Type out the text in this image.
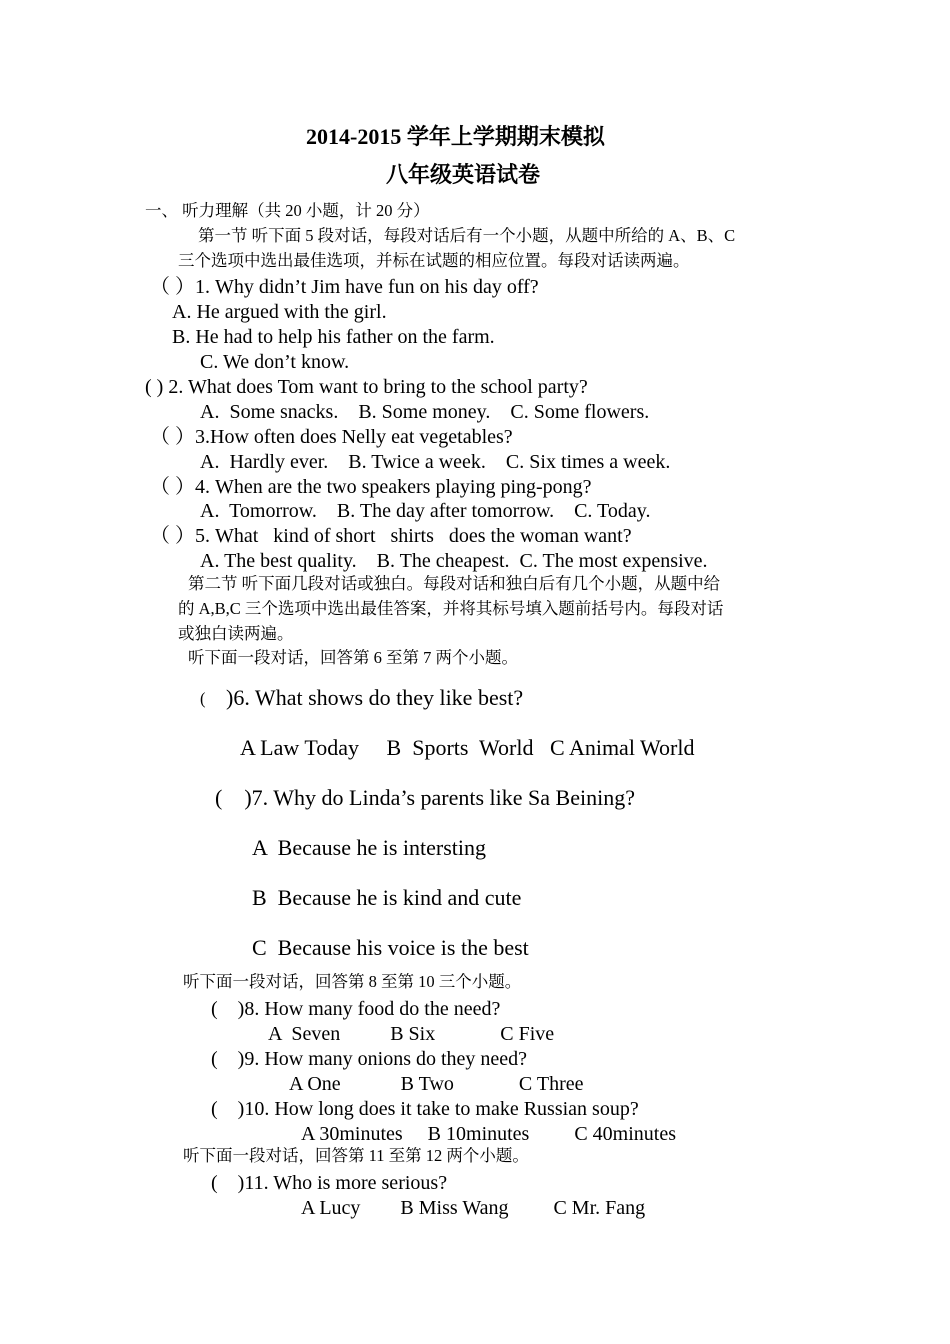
2014-2015 学年上学期期末模拟
八年级英语试卷
一、 听力理解（共 20 小题，计 20 分）
第一节 听下面 5 段对话，每段对话后有一个小题，从题中所给的 A、B、C
三个选项中选出最佳选项，并标在试题的相应位置。每段对话读两遍。
（ ）1. Why didn’t Jim have fun on his day off?
A. He argued with the girl.
B. He had to help his father on the farm.
C. We don’t know.
( ) 2. What does Tom want to bring to the school party?
A.  Some snacks.    B. Some money.    C. Some flowers.
（ ）3.How often does Nelly eat vegetables?
A.  Hardly ever.    B. Twice a week.    C. Six times a week.
（ ）4. When are the two speakers playing ping-pong?
A.  Tomorrow.    B. The day after tomorrow.    C. Today.
（ ）5. What   kind of short   shirts   does the woman want?
A. The best quality.    B. The cheapest.  C. The most expensive.
第二节 听下面几段对话或独白。每段对话和独白后有几个小题，从题中给
的 A,B,C 三个选项中选出最佳答案，并将其标号填入题前括号内。每段对话
或独白读两遍。
听下面一段对话，回答第 6 至第 7 两个小题。
( )6. What shows do they like best?
A Law Today     B  Sports  World   C Animal World
(    )7. Why do Linda’s parents like Sa Beining?
A  Because he is intersting
B  Because he is kind and cute
C  Because his voice is the best
听下面一段对话，回答第 8 至第 10 三个小题。
(    )8. How many food do the need?
A  Seven          B Six             C Five
(    )9. How many onions do they need?
A One            B Two             C Three
(    )10. How long does it take to make Russian soup?
A 30minutes     B 10minutes         C 40minutes
听下面一段对话，回答第 11 至第 12 两个小题。
(    )11. Who is more serious?
A Lucy        B Miss Wang         C Mr. Fang
